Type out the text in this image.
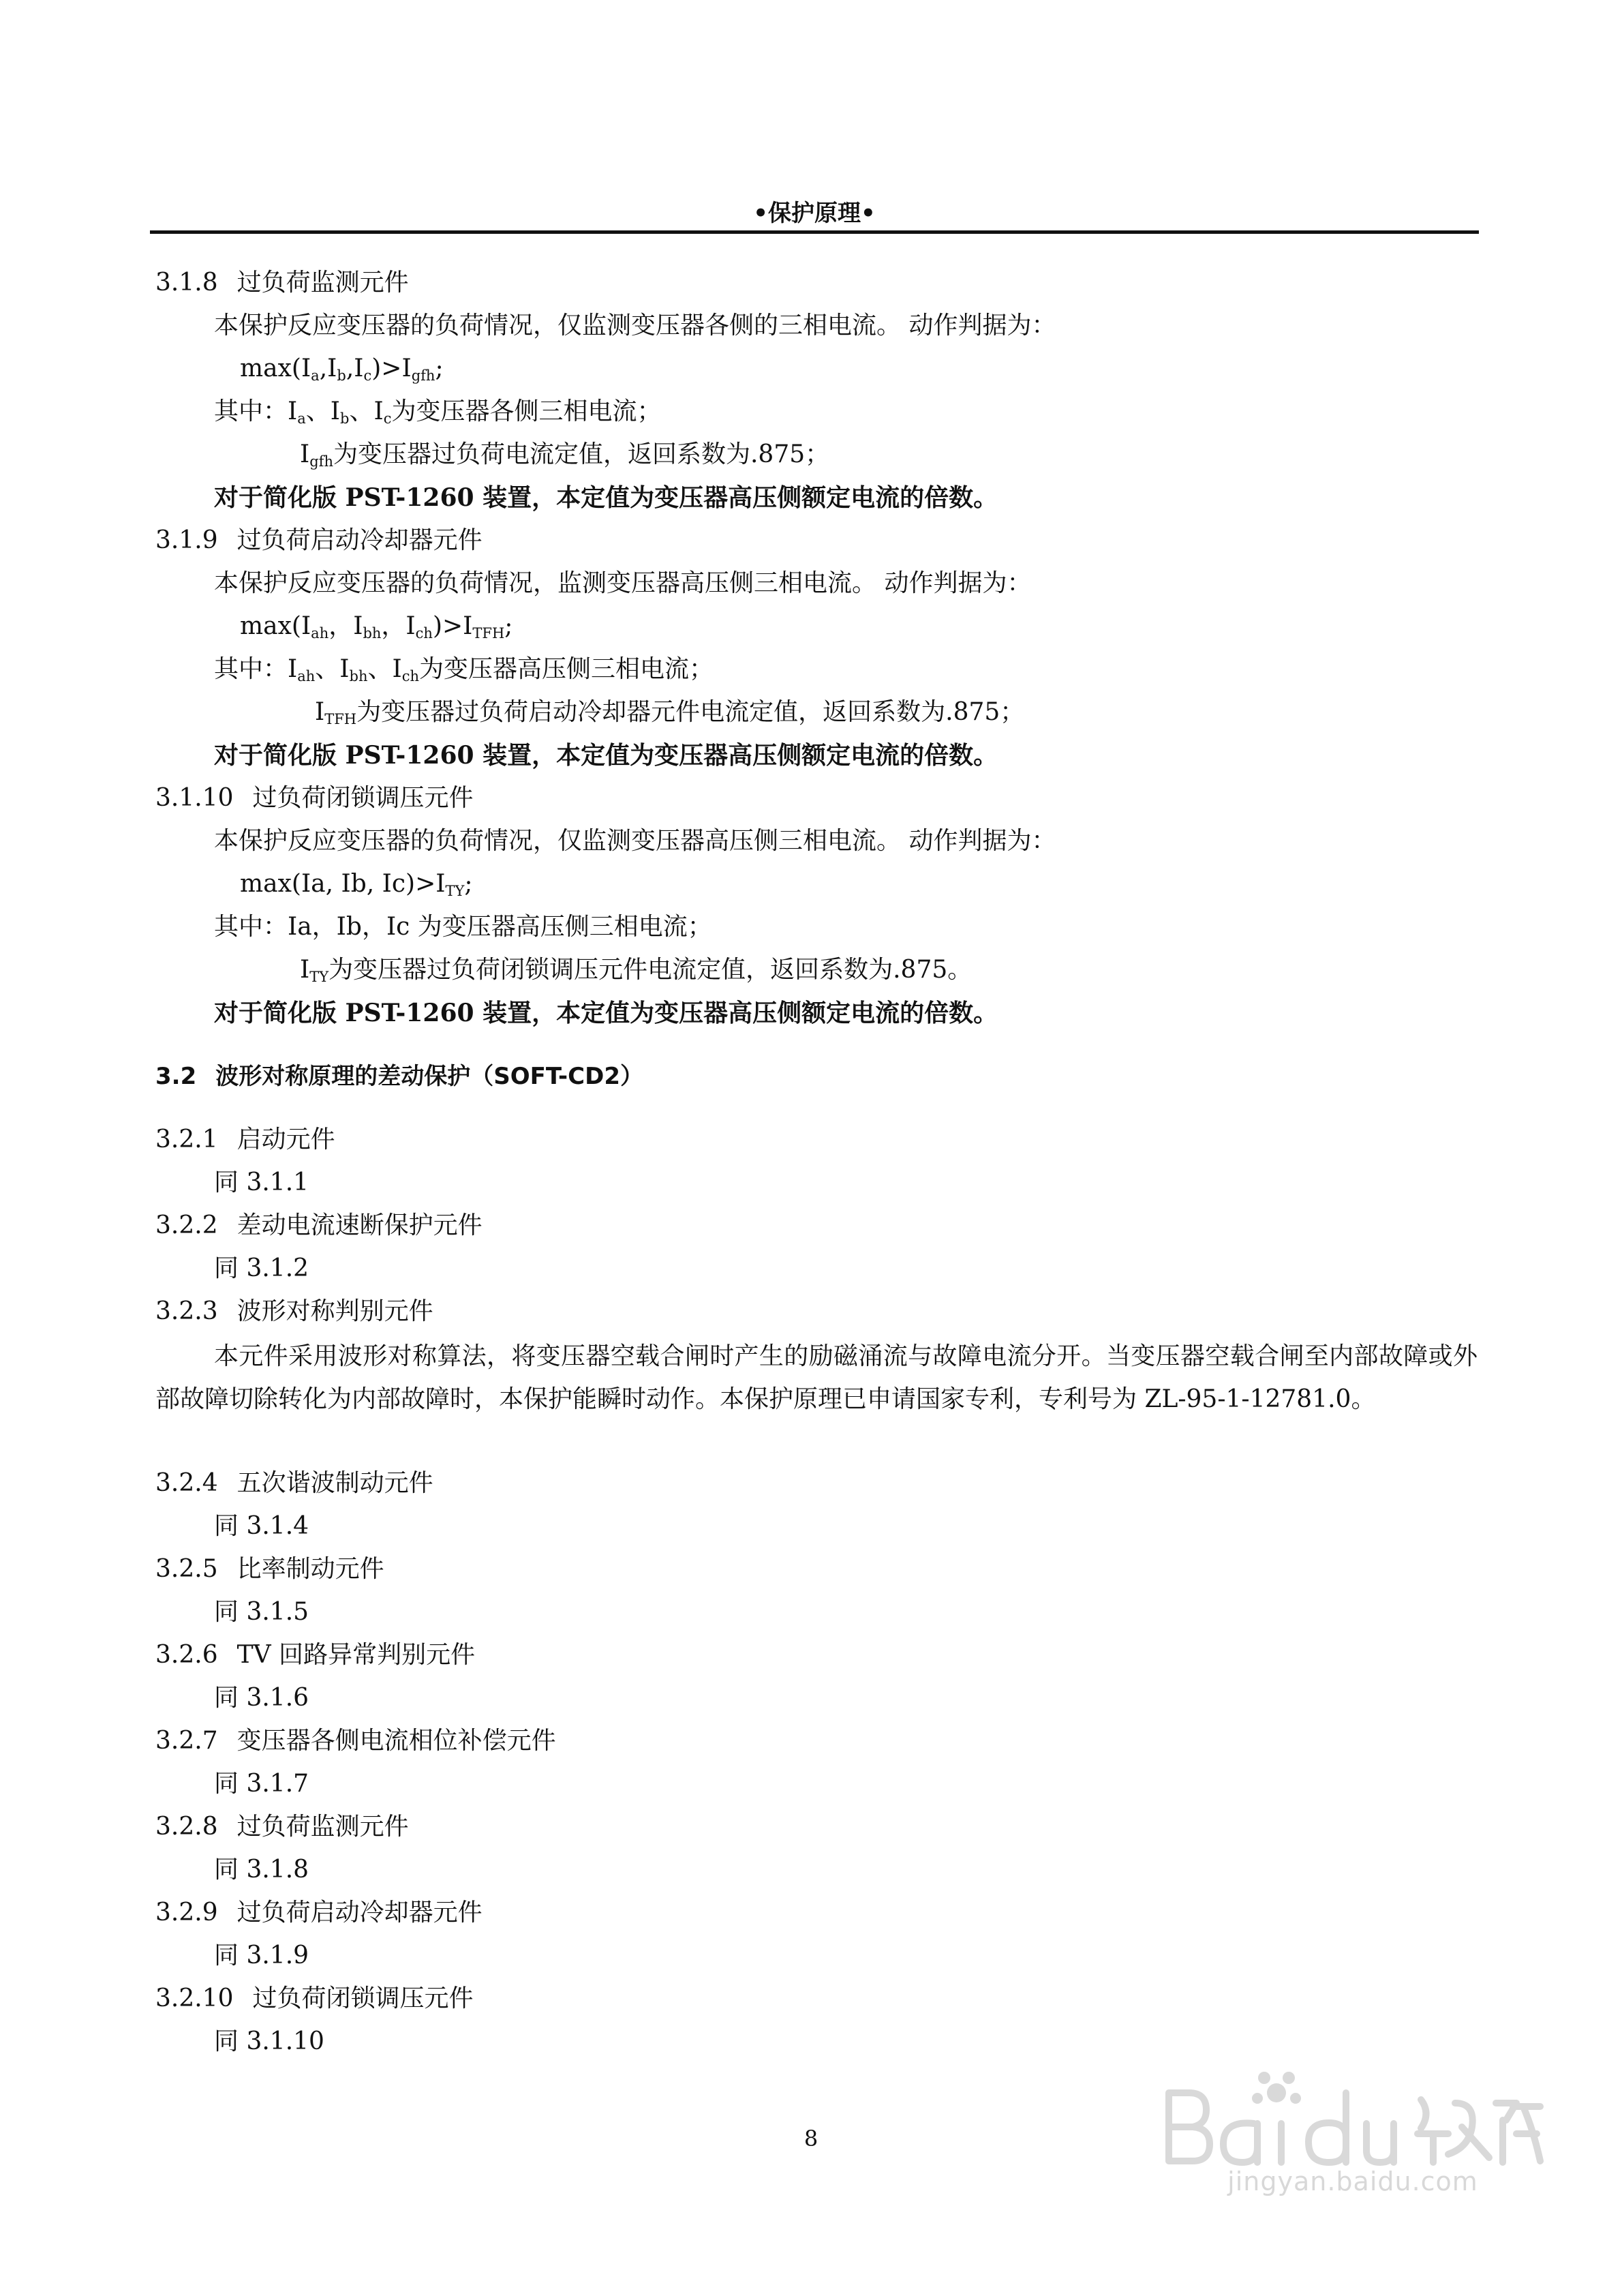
•保护原理•
3.1.8 过负荷监测元件
本保护反应变压器的负荷情况，仅监测变压器各侧的三相电流。 动作判据为：
$\max(I_a,I_b,I_c)>I_{gfh}$;
其中：$I_a$、$I_b$、$I_c$为变压器各侧三相电流；
$I_{gfh}$为变压器过负荷电流定值，返回系数为.875；
对于简化版 PST-1260 装置，本定值为变压器高压侧额定电流的倍数。
3.1.9 过负荷启动冷却器元件
本保护反应变压器的负荷情况，监测变压器高压侧三相电流。 动作判据为：
$\max(I_{ah}$，$I_{bh}$，$I_{ch})>I_{TFH}$;
其中：$I_{ah}$、$I_{bh}$、$I_{ch}$为变压器高压侧三相电流；
$I_{TFH}$为变压器过负荷启动冷却器元件电流定值，返回系数为.875；
对于简化版 PST-1260 装置，本定值为变压器高压侧额定电流的倍数。
3.1.10 过负荷闭锁调压元件
本保护反应变压器的负荷情况，仅监测变压器高压侧三相电流。 动作判据为：
max(Ia, Ib, $Ic)>I_{TY}$;
其中：Ia，Ib，Ic 为变压器高压侧三相电流；
$I_{TY}$为变压器过负荷闭锁调压元件电流定值，返回系数为.875。
对于简化版 PST-1260 装置，本定值为变压器高压侧额定电流的倍数。
3.2 波形对称原理的差动保护（SOFT-CD2）
3.2.1 启动元件
同 3.1.1
3.2.2 差动电流速断保护元件
同 3.1.2
3.2.3 波形对称判别元件
本元件采用波形对称算法，将变压器空载合闸时产生的励磁涌流与故障电流分开。当变压器空载合闸至内部故障或外部故障切除转化为内部故障时，本保护能瞬时动作。本保护原理已申请国家专利，专利号为 ZL-95-1-12781.0。
3.2.4 五次谐波制动元件
同 3.1.4
3.2.5 比率制动元件
同 3.1.5
3.2.6 TV 回路异常判别元件
同 3.1.6
3.2.7 变压器各侧电流相位补偿元件
同 3.1.7
3.2.8 过负荷监测元件
同 3.1.8
3.2.9 过负荷启动冷却器元件
同 3.1.9
3.2.10 过负荷闭锁调压元件
同 3.1.10
8
jingyan.baidu.com
